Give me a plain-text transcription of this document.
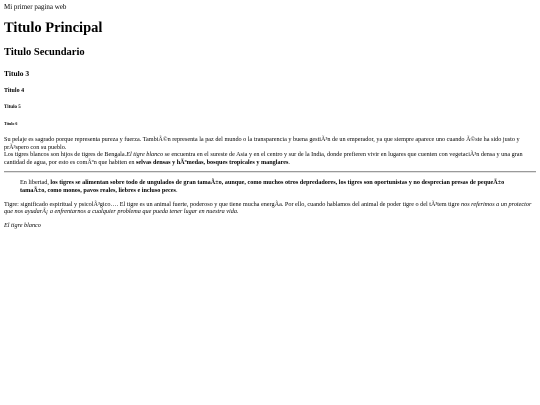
Mi primer pagina web
Titulo Principal
Titulo Secundario
Titulo 3
Titulo 4
Titulo 5
Titulo 6

Su pelaje es sagrado porque representa pureza y fuerza. TambiÃ©n representa la paz del mundo o la transparencia y buena gestiÃ³n de un emperador, ya que siempre aparece uno cuando Ã©ste ha sido justo y prÃ³spero con su pueblo.
Los tigres blancos son hijos de tigres de Bengala.El tigre blanco se encuentra en el sureste de Asia y en el centro y sur de la India, donde prefieren vivir en lugares que cuenten con vegetaciÃ³n densa y una gran cantidad de agua, por esto es comÃºn que habiten en selvas densas y hÃºmedas, bosques tropicales y manglares.

En libertad, los tigres se alimentan sobre todo de ungulados de gran tamaÃ±o, aunque, como muchos otros depredadores, los tigres son oportunistas y no desprecian presas de pequeÃ±o tamaÃ±o, como monos, pavos reales, liebres e incluso peces.

Tigre: significado espiritual y psicolÃ³gico…. El tigre es un animal fuerte, poderoso y que tiene mucha energÃa. Por ello, cuando hablamos del animal de poder tigre o del tÃ³tem tigre nos referimos a un protector que nos ayudarÃ¡ a enfrentarnos a cualquier problema que pueda tener lugar en nuestra vida.

El tigre blanco
